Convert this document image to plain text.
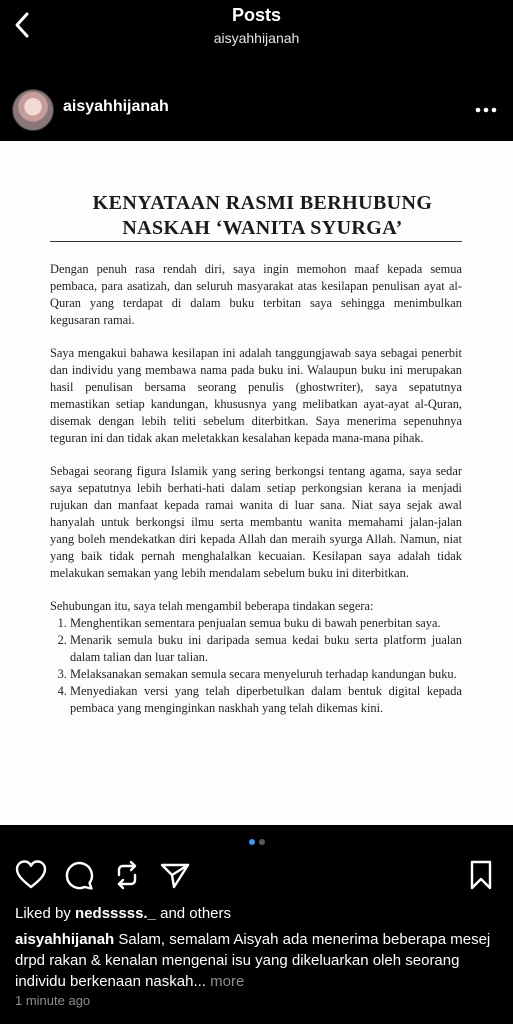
Posts
aisyahhijanah
aisyahhijanah
KENYATAAN RASMI BERHUBUNG
NASKAH ‘WANITA SYURGA’

Dengan penuh rasa rendah diri, saya ingin memohon maaf kepada semua pembaca, para asatizah, dan seluruh masyarakat atas kesilapan penulisan ayat al-Quran yang terdapat di dalam buku terbitan saya sehingga menimbulkan kegusaran ramai.

Saya mengakui bahawa kesilapan ini adalah tanggungjawab saya sebagai penerbit dan individu yang membawa nama pada buku ini. Walaupun buku ini merupakan hasil penulisan bersama seorang penulis (ghostwriter), saya sepatutnya memastikan setiap kandungan, khususnya yang melibatkan ayat-ayat al-Quran, disemak dengan lebih teliti sebelum diterbitkan. Saya menerima sepenuhnya teguran ini dan tidak akan meletakkan kesalahan kepada mana-mana pihak.

Sebagai seorang figura Islamik yang sering berkongsi tentang agama, saya sedar saya sepatutnya lebih berhati-hati dalam setiap perkongsian kerana ia menjadi rujukan dan manfaat kepada ramai wanita di luar sana. Niat saya sejak awal hanyalah untuk berkongsi ilmu serta membantu wanita memahami jalan-jalan yang boleh mendekatkan diri kepada Allah dan meraih syurga Allah. Namun, niat yang baik tidak pernah menghalalkan kecuaian. Kesilapan saya adalah tidak melakukan semakan yang lebih mendalam sebelum buku ini diterbitkan.

Sehubungan itu, saya telah mengambil beberapa tindakan segera:
1. Menghentikan sementara penjualan semua buku di bawah penerbitan saya.
2. Menarik semula buku ini daripada semua kedai buku serta platform jualan dalam talian dan luar talian.
3. Melaksanakan semakan semula secara menyeluruh terhadap kandungan buku.
4. Menyediakan versi yang telah diperbetulkan dalam bentuk digital kepada pembaca yang menginginkan naskhah yang telah dikemas kini.

Liked by nedsssss._ and others
aisyahhijanah Salam, semalam Aisyah ada menerima beberapa mesej drpd rakan & kenalan mengenai isu yang dikeluarkan oleh seorang individu berkenaan naskah... more
1 minute ago
